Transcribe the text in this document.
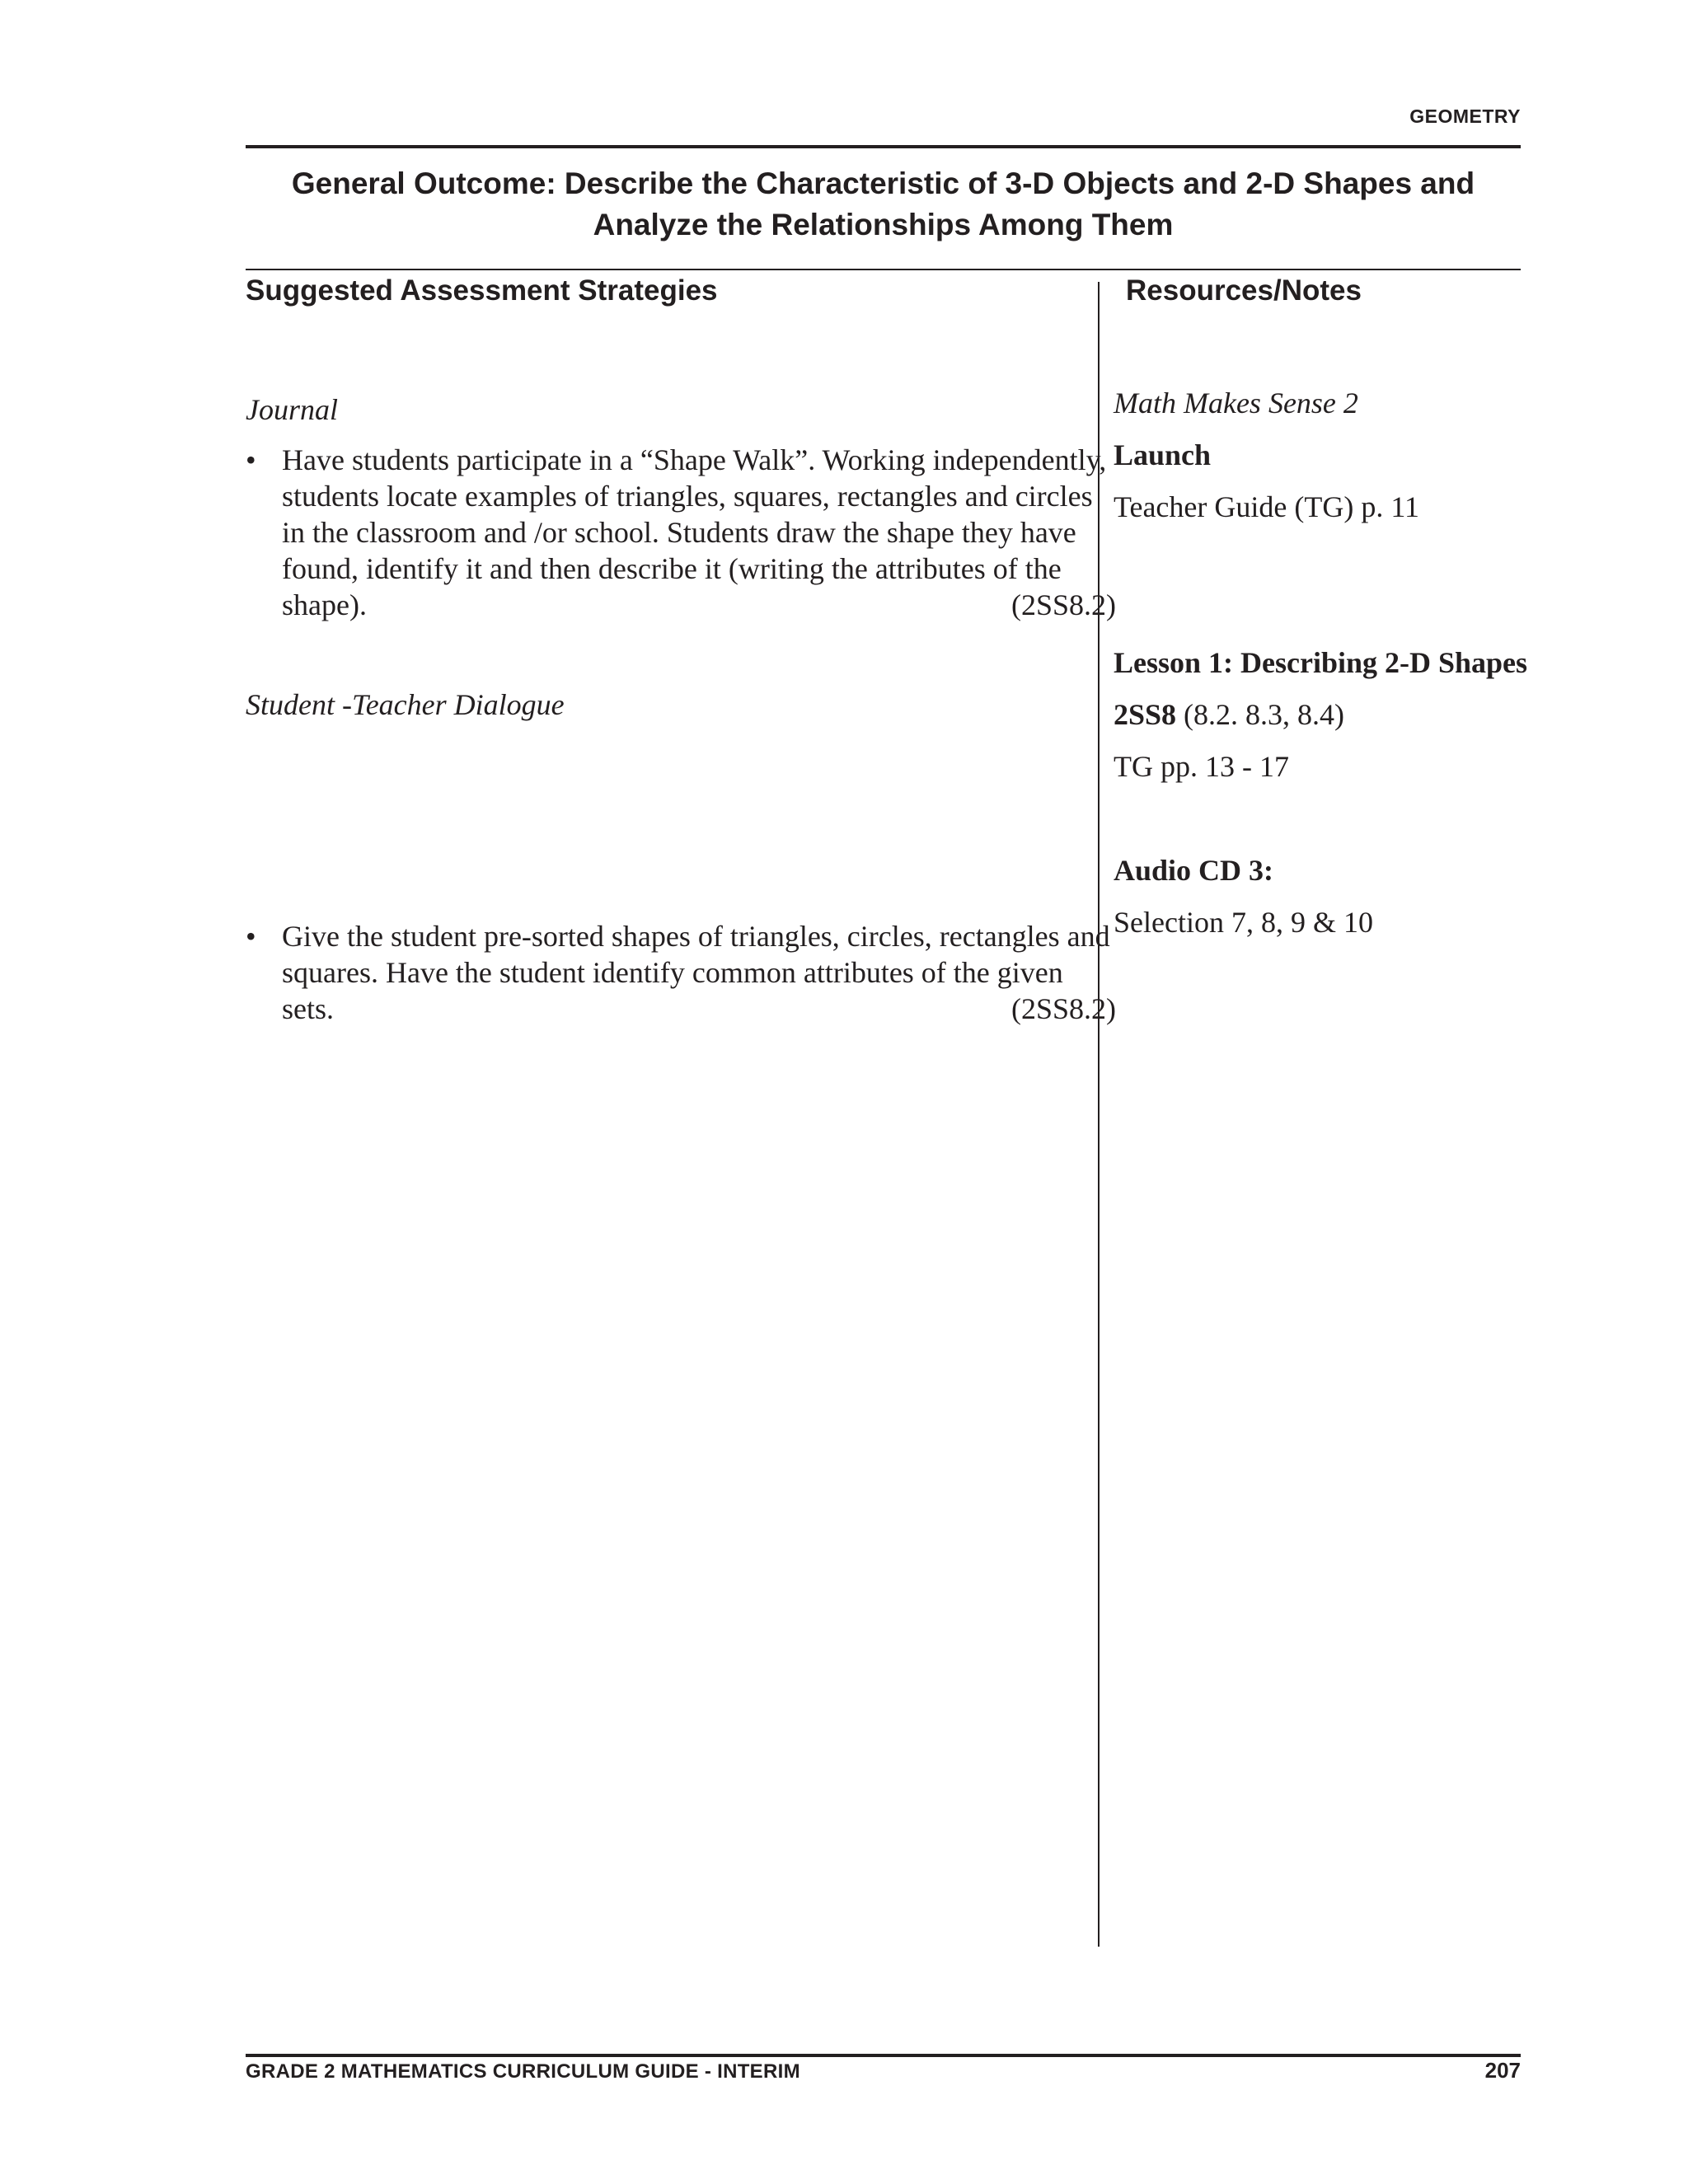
GEOMETRY
General Outcome: Describe the Characteristic of 3-D Objects and 2-D Shapes and
Analyze the Relationships Among Them
Suggested Assessment Strategies	Resources/Notes
Journal
• Have students participate in a “Shape Walk”. Working independently, students locate examples of triangles, squares, rectangles and circles in the classroom and /or school. Students draw the shape they have found, identify it and then describe it (writing the attributes of the shape).	(2SS8.2)
Student -Teacher Dialogue
• Give the student pre-sorted shapes of triangles, circles, rectangles and squares. Have the student identify common attributes of the given sets.	(2SS8.2)
Math Makes Sense 2
Launch
Teacher Guide (TG) p. 11
Lesson 1: Describing 2-D Shapes
2SS8 (8.2. 8.3, 8.4)
TG pp. 13 - 17
Audio CD 3:
Selection 7, 8, 9 & 10
GRADE 2 MATHEMATICS CURRICULUM GUIDE - INTERIM	207
